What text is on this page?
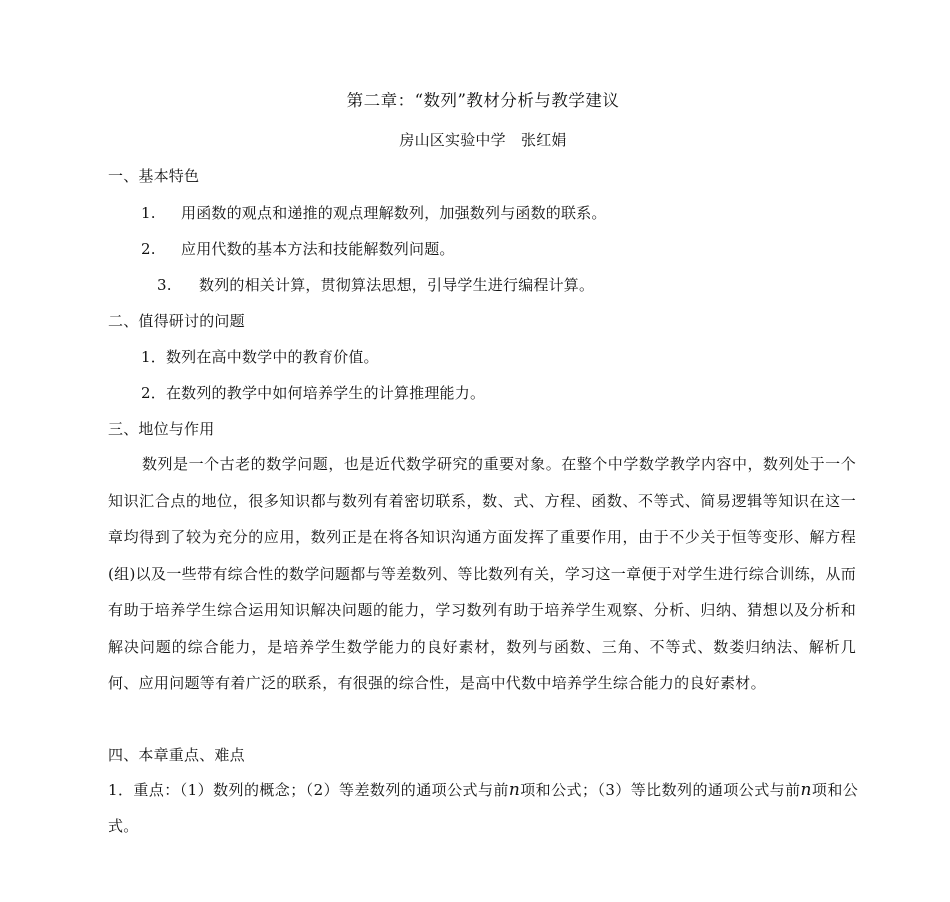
第二章：“数列”教材分析与教学建议
房山区实验中学　张红娟
一、基本特色
1. 用函数的观点和递推的观点理解数列，加强数列与函数的联系。
2. 应用代数的基本方法和技能解数列问题。
3. 数列的相关计算，贯彻算法思想，引导学生进行编程计算。
二、值得研讨的问题
1．数列在高中数学中的教育价值。
2．在数列的教学中如何培养学生的计算推理能力。
三、地位与作用
数列是一个古老的数学问题，也是近代数学研究的重要对象。在整个中学数学教学内容中，数列处于一个知识汇合点的地位，很多知识都与数列有着密切联系，数、式、方程、函数、不等式、简易逻辑等知识在这一章均得到了较为充分的应用，数列正是在将各知识沟通方面发挥了重要作用，由于不少关于恒等变形、解方程(组)以及一些带有综合性的数学问题都与等差数列、等比数列有关，学习这一章便于对学生进行综合训练，从而有助于培养学生综合运用知识解决问题的能力，学习数列有助于培养学生观察、分析、归纳、猜想以及分析和解决问题的综合能力，是培养学生数学能力的良好素材，数列与函数、三角、不等式、数娄归纳法、解析几何、应用问题等有着广泛的联系，有很强的综合性，是高中代数中培养学生综合能力的良好素材。
四、本章重点、难点
1．重点：（1）数列的概念；（2）等差数列的通项公式与前n项和公式；（3）等比数列的通项公式与前n项和公式。
